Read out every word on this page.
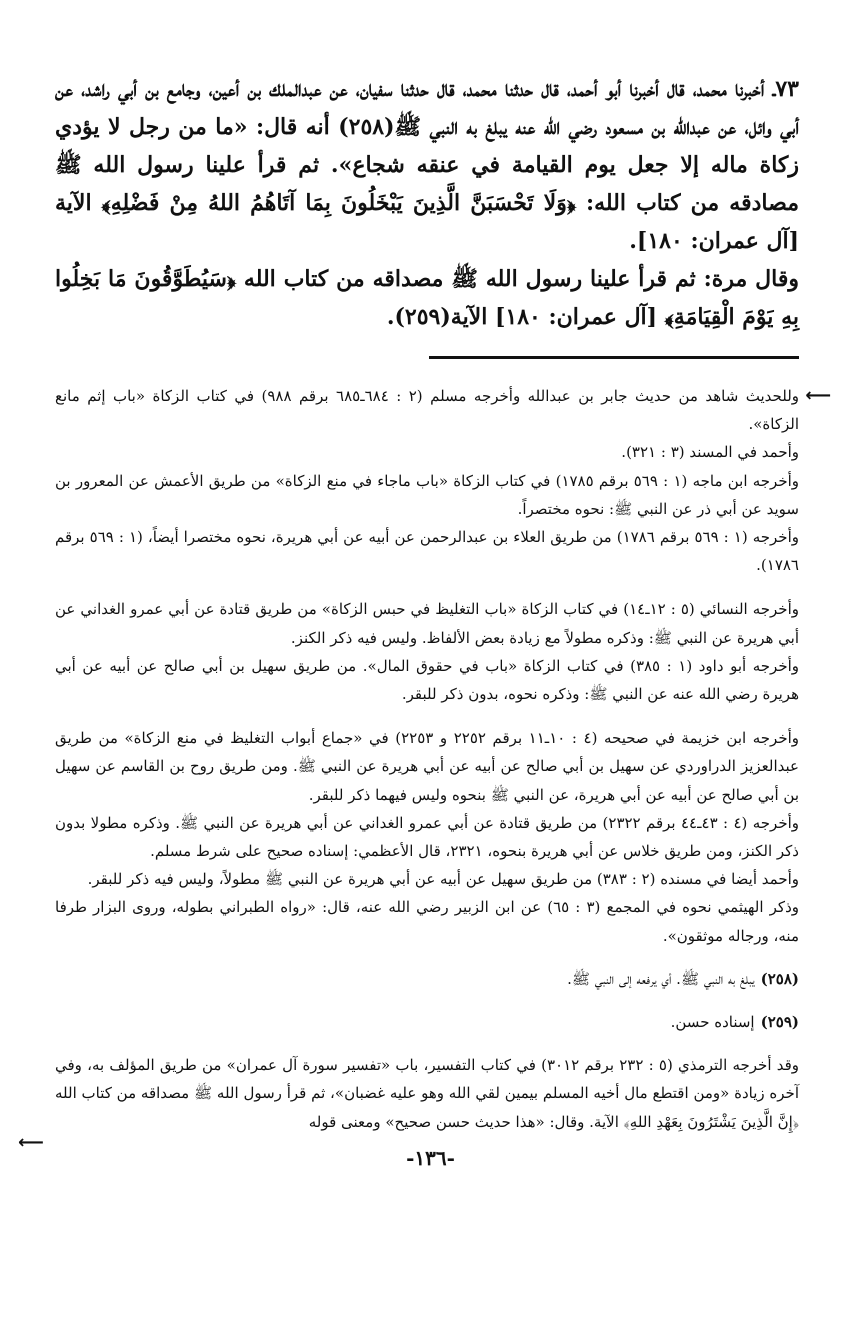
٧٣ـ أخبرنا محمد، قال أخبرنا أبو أحمد، قال حدثنا محمد، قال حدثنا سفيان، عن عبدالملك بن أعين، وجامع بن أبي راشد، عن أبي وائل، عن عبدالله بن مسعود رضي الله عنه يبلغ به النبي ﷺ(٢٥٨) أنه قال: «ما من رجل لا يؤدي زكاة ماله إلا جعل يوم القيامة في عنقه شجاع». ثم قرأ علينا رسول الله ﷺ مصادقه من كتاب الله: ﴿وَلَا تَحْسَبَنَّ الَّذِينَ يَبْخَلُونَ بِمَا آتَاهُمُ اللهُ مِنْ فَضْلِهِ﴾ الآية [آل عمران: ١٨٠].

وقال مرة: ثم قرأ علينا رسول الله ﷺ مصداقه من كتاب الله ﴿سَيُطَوَّقُونَ مَا بَخِلُوا بِهِ يَوْمَ الْقِيَامَةِ﴾ [آل عمران: ١٨٠] الآية(٢٥٩).

⟵

وللحديث شاهد من حديث جابر بن عبدالله وأخرجه مسلم (٢ : ٦٨٤ـ٦٨٥ برقم ٩٨٨) في كتاب الزكاة «باب إثم مانع الزكاة».

وأحمد في المسند (٣ : ٣٢١).

وأخرجه ابن ماجه (١ : ٥٦٩ برقم ١٧٨٥) في كتاب الزكاة «باب ماجاء في منع الزكاة» من طريق الأعمش عن المعرور بن سويد عن أبي ذر عن النبي ﷺ: نحوه مختصراً.

وأخرجه (١ : ٥٦٩ برقم ١٧٨٦) من طريق العلاء بن عبدالرحمن عن أبيه عن أبي هريرة، نحوه مختصرا أيضاً، (١ : ٥٦٩ برقم ١٧٨٦).

وأخرجه النسائي (٥ : ١٢ـ١٤) في كتاب الزكاة «باب التغليظ في حبس الزكاة» من طريق قتادة عن أبي عمرو الغداني عن أبي هريرة عن النبي ﷺ: وذكره مطولاً مع زيادة بعض الألفاظ. وليس فيه ذكر الكنز.

وأخرجه أبو داود (١ : ٣٨٥) في كتاب الزكاة «باب في حقوق المال». من طريق سهيل بن أبي صالح عن أبيه عن أبي هريرة رضي الله عنه عن النبي ﷺ: وذكره نحوه، بدون ذكر للبقر.

وأخرجه ابن خزيمة في صحيحه (٤ : ١٠ـ١١ برقم ٢٢٥٢ و ٢٢٥٣) في «جماع أبواب التغليظ في منع الزكاة» من طريق عبدالعزيز الدراوردي عن سهيل بن أبي صالح عن أبيه عن أبي هريرة عن النبي ﷺ. ومن طريق روح بن القاسم عن سهيل بن أبي صالح عن أبيه عن أبي هريرة، عن النبي ﷺ بنحوه وليس فيهما ذكر للبقر.

وأخرجه (٤ : ٤٣ـ٤٤ برقم ٢٣٢٢) من طريق قتادة عن أبي عمرو الغداني عن أبي هريرة عن النبي ﷺ. وذكره مطولا بدون ذكر الكنز، ومن طريق خلاس عن أبي هريرة بنحوه، ٢٣٢١، قال الأعظمي: إسناده صحيح على شرط مسلم.

وأحمد أيضا في مسنده (٢ : ٣٨٣) من طريق سهيل عن أبيه عن أبي هريرة عن النبي ﷺ مطولاً، وليس فيه ذكر للبقر.

وذكر الهيثمي نحوه في المجمع (٣ : ٦٥) عن ابن الزبير رضي الله عنه، قال: «رواه الطبراني بطوله، وروى البزار طرفا منه، ورجاله موثقون».

(٢٥٨)يبلغ به النبي ﷺ. أي يرفعه إلى النبي ﷺ.

(٢٥٩)إسناده حسن.

وقد أخرجه الترمذي (٥ : ٢٣٢ برقم ٣٠١٢) في كتاب التفسير، باب «تفسير سورة آل عمران» من طريق المؤلف به، وفي آخره زيادة «ومن اقتطع مال أخيه المسلم بيمين لقي الله وهو عليه غضبان»، ثم قرأ رسول الله ﷺ مصداقه من كتاب الله ﴿إِنَّ الَّذِينَ يَشْتَرُونَ بِعَهْدِ اللهِ﴾ الآية. وقال: «هذا حديث حسن صحيح» ومعنى قوله

⟵
-١٣٦-
